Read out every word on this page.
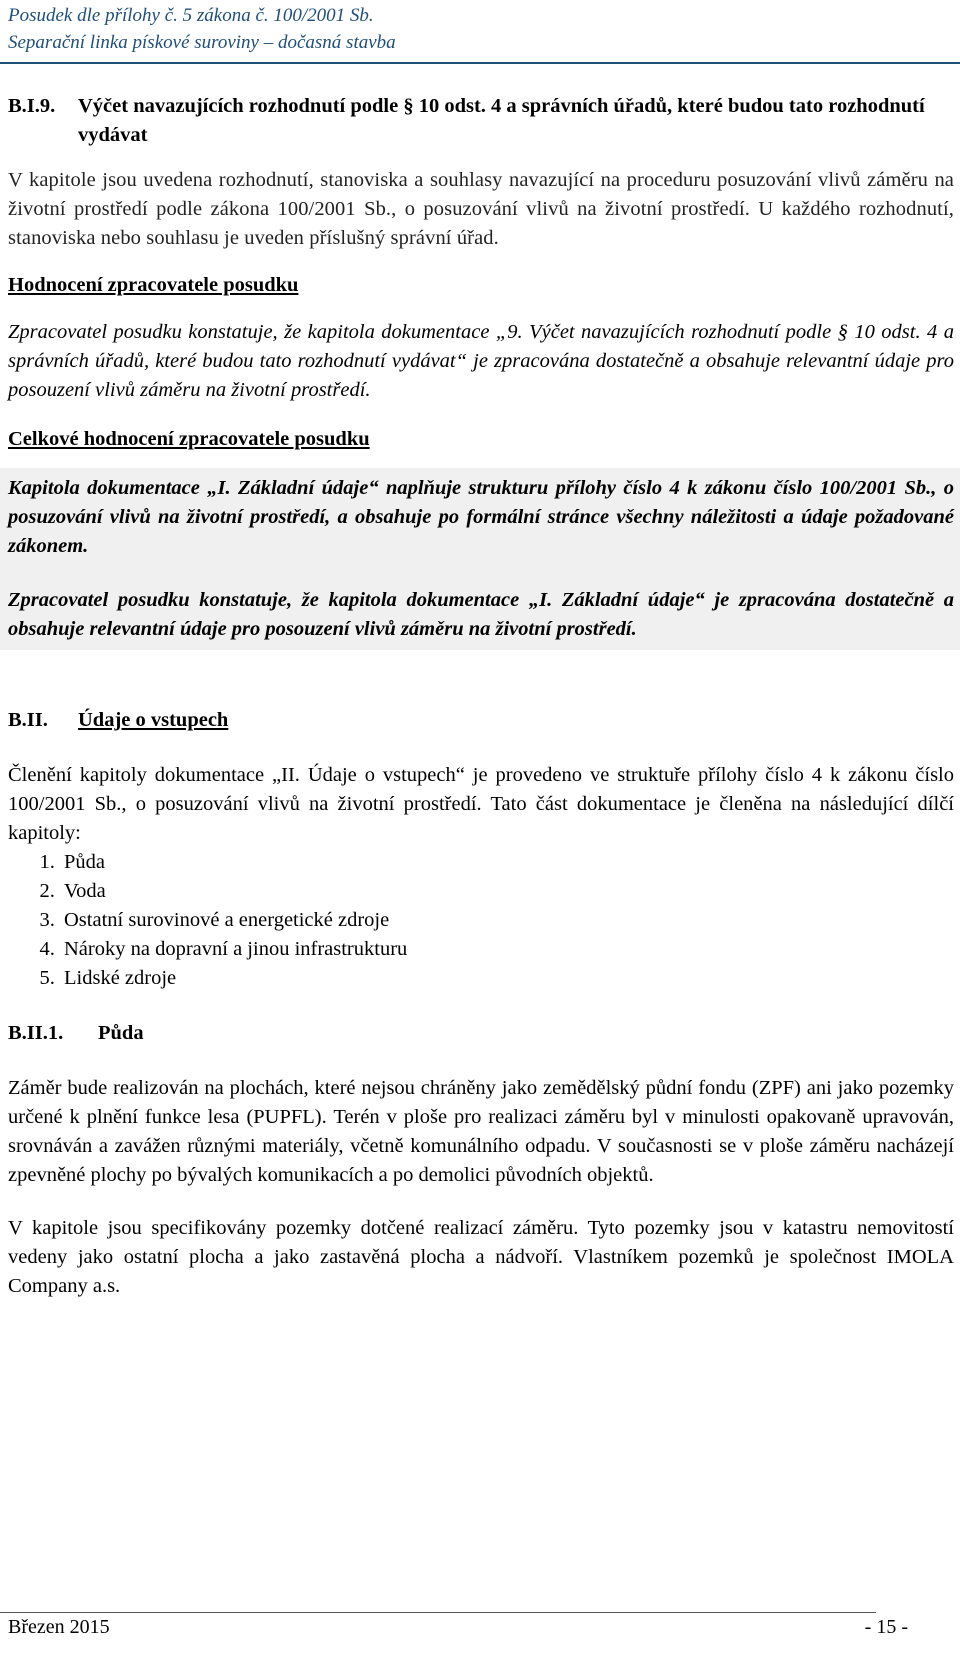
Posudek dle přílohy č. 5 zákona č. 100/2001 Sb.
Separační linka pískové suroviny – dočasná stavba
B.I.9.	Výčet navazujících rozhodnutí podle § 10 odst. 4 a správních úřadů, které budou tato rozhodnutí vydávat

V kapitole jsou uvedena rozhodnutí, stanoviska a souhlasy navazující na proceduru posuzování vlivů záměru na životní prostředí podle zákona 100/2001 Sb., o posuzování vlivů na životní prostředí. U každého rozhodnutí, stanoviska nebo souhlasu je uveden příslušný správní úřad.

Hodnocení zpracovatele posudku

Zpracovatel posudku konstatuje, že kapitola dokumentace „9. Výčet navazujících rozhodnutí podle § 10 odst. 4 a správních úřadů, které budou tato rozhodnutí vydávat“ je zpracována dostatečně a obsahuje relevantní údaje pro posouzení vlivů záměru na životní prostředí.

Celkové hodnocení zpracovatele posudku

Kapitola dokumentace „I. Základní údaje“ naplňuje strukturu přílohy číslo 4 k zákonu číslo 100/2001 Sb., o posuzování vlivů na životní prostředí, a obsahuje po formální stránce všechny náležitosti a údaje požadované zákonem.

Zpracovatel posudku konstatuje, že kapitola dokumentace „I. Základní údaje“ je zpracována dostatečně a obsahuje relevantní údaje pro posouzení vlivů záměru na životní prostředí.

B.II.	Údaje o vstupech

Členění kapitoly dokumentace „II. Údaje o vstupech“ je provedeno ve struktuře přílohy číslo 4 k zákonu číslo 100/2001 Sb., o posuzování vlivů na životní prostředí. Tato část dokumentace je členěna na následující dílčí kapitoly:

1. Půda
2. Voda
3. Ostatní surovinové a energetické zdroje
4. Nároky na dopravní a jinou infrastrukturu
5. Lidské zdroje
B.II.1.	Půda

Záměr bude realizován na plochách, které nejsou chráněny jako zemědělský půdní fondu (ZPF) ani jako pozemky určené k plnění funkce lesa (PUPFL). Terén v ploše pro realizaci záměru byl v minulosti opakovaně upravován, srovnáván a zavážen různými materiály, včetně komunálního odpadu. V současnosti se v ploše záměru nacházejí zpevněné plochy po bývalých komunikacích a po demolici původních objektů.

V kapitole jsou specifikovány pozemky dotčené realizací záměru. Tyto pozemky jsou v katastru nemovitostí vedeny jako ostatní plocha a jako zastavěná plocha a nádvoří. Vlastníkem pozemků je společnost IMOLA Company a.s.

Březen 2015	- 15 -
